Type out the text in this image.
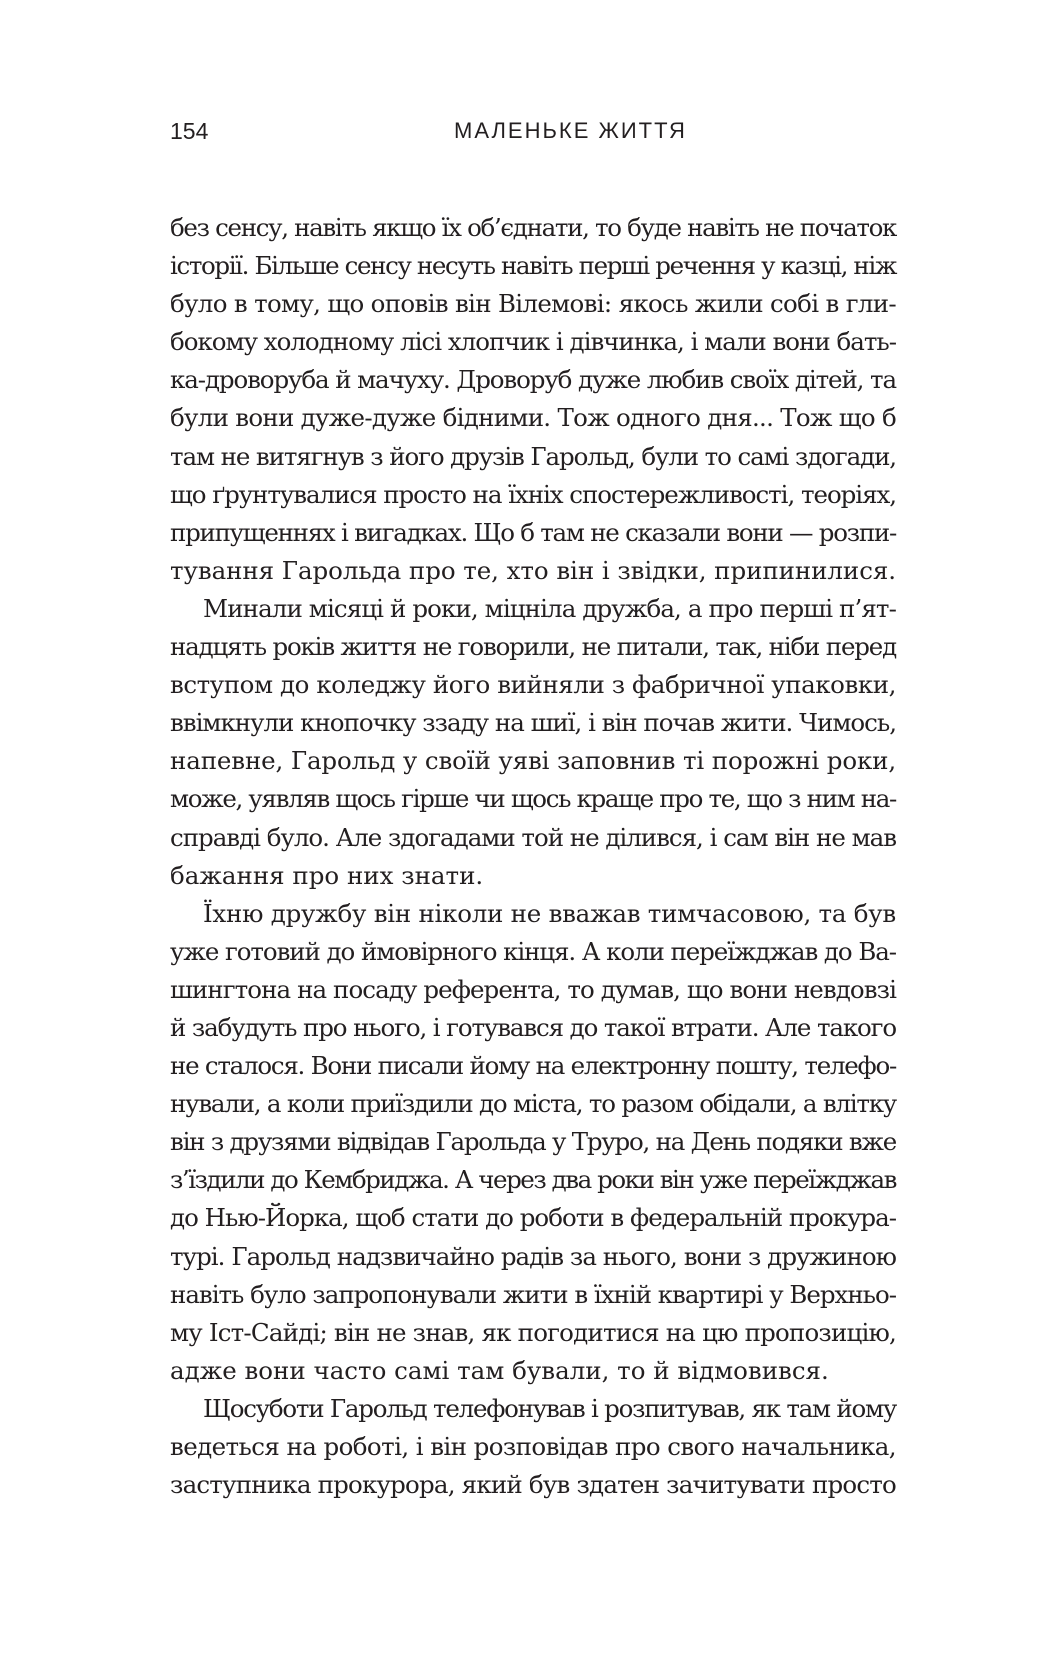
154	МАЛЕНЬКЕ ЖИТТЯ

без сенсу, навіть якщо їх об’єднати, то буде навіть не початок
історії. Більше сенсу несуть навіть перші речення у казці, ніж
було в тому, що оповів він Вілемові: якось жили собі в гли-
бокому холодному лісі хлопчик і дівчинка, і мали вони бать-
ка-дроворуба й мачуху. Дроворуб дуже любив своїх дітей, та
були вони дуже-дуже бідними. Тож одного дня... Тож що б
там не витягнув з його друзів Гарольд, були то самі здогади,
що ґрунтувалися просто на їхніх спостережливості, теоріях,
припущеннях і вигадках. Що б там не сказали вони — розпи-
тування Гарольда про те, хто він і звідки, припинилися.

Минали місяці й роки, міцніла дружба, а про перші п’ят-
надцять років життя не говорили, не питали, так, ніби перед
вступом до коледжу його вийняли з фабричної упаковки,
ввімкнули кнопочку ззаду на шиї, і він почав жити. Чимось,
напевне, Гарольд у своїй уяві заповнив ті порожні роки,
може, уявляв щось гірше чи щось краще про те, що з ним на-
справді було. Але здогадами той не ділився, і сам він не мав
бажання про них знати.

Їхню дружбу він ніколи не вважав тимчасовою, та був
уже готовий до ймовірного кінця. А коли переїжджав до Ва-
шингтона на посаду референта, то думав, що вони невдовзі
й забудуть про нього, і готувався до такої втрати. Але такого
не сталося. Вони писали йому на електронну пошту, телефо-
нували, а коли приїздили до міста, то разом обідали, а влітку
він з друзями відвідав Гарольда у Труро, на День подяки вже
з’їздили до Кембриджа. А через два роки він уже переїжджав
до Нью-Йорка, щоб стати до роботи в федеральній прокура-
турі. Гарольд надзвичайно радів за нього, вони з дружиною
навіть було запропонували жити в їхній квартирі у Верхньо-
му Іст-Сайді; він не знав, як погодитися на цю пропозицію,
адже вони часто самі там бували, то й відмовився.

Щосуботи Гарольд телефонував і розпитував, як там йому
ведеться на роботі, і він розповідав про свого начальника,
заступника прокурора, який був здатен зачитувати просто
